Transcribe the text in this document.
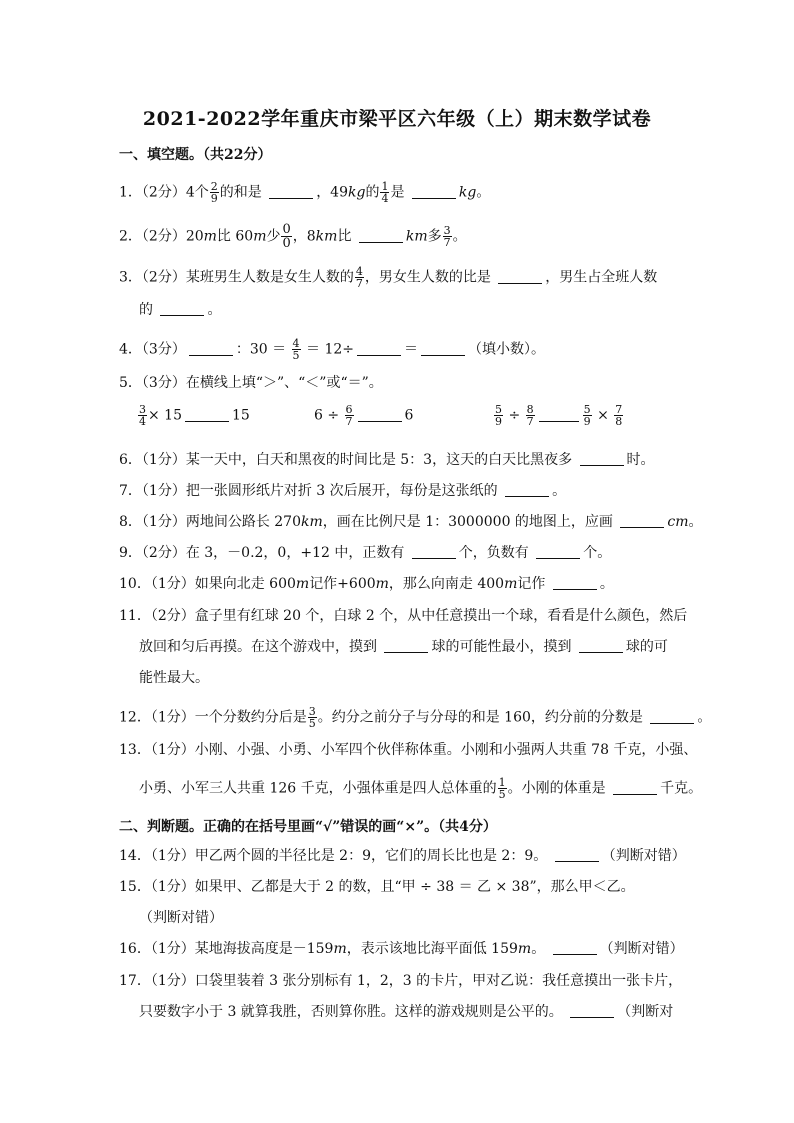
2021-2022学年重庆市梁平区六年级（上）期末数学试卷
一、填空题。（共22分）
1．（2分）4个 $\frac{2}{9}$ 的和是	，49kg的 $\frac{1}{4}$ 是	kg。
2．（2分）20m比 60m少 $\frac{0}{0}$ ，8km比	km多 $\frac{3}{7}$ 。
3．（2分）某班男生人数是女生人数的 $\frac{4}{7}$ ，男女生人数的比是	，男生占全班人数
的	。
4．（3分）	：$30 = \frac{4}{5} = 12\div$	＝	（填小数）。
5．（3分）在横线上填“＞”、“＜”或“＝”。
$\frac{3}{4} \times 15$	15	$6 \div \frac{6}{7}$	6	$\frac{5}{9} \div \frac{8}{7}$	$\frac{5}{9} \times \frac{7}{8}$
6．（1分）某一天中，白天和黑夜的时间比是 5：3，这天的白天比黑夜多	时。
7．（1分）把一张圆形纸片对折 3 次后展开，每份是这张纸的	。
8．（1分）两地间公路长 270km，画在比例尺是 1：3000000 的地图上，应画	cm。
9．（2分）在 3，－0.2，0，+12 中，正数有	个，负数有	个。
10．（1分）如果向北走 600m记作+600m，那么向南走 400m记作	。
11．（2分）盒子里有红球 20 个，白球 2 个，从中任意摸出一个球，看看是什么颜色，然后
放回和匀后再摸。在这个游戏中，摸到	球的可能性最小，摸到	球的可
能性最大。
12．（1分）一个分数约分后是 $\frac{3}{5}$ 。约分之前分子与分母的和是 160，约分前的分数是	。
13．（1分）小刚、小强、小勇、小军四个伙伴称体重。小刚和小强两人共重 78 千克，小强、
小勇、小军三人共重 126 千克，小强体重是四人总体重的 $\frac{1}{5}$ 。小刚的体重是	千克。
二、判断题。正确的在括号里画“√”错误的画“×”。（共4分）
14．（1分）甲乙两个圆的半径比是 2：9，它们的周长比也是 2：9。	（判断对错）
15．（1分）如果甲、乙都是大于 2 的数，且“甲 ÷ 38 ＝ 乙 × 38”，那么甲＜乙。
（判断对错）
16．（1分）某地海拔高度是－159m，表示该地比海平面低 159m。	（判断对错）
17．（1分）口袋里装着 3 张分别标有 1，2，3 的卡片，甲对乙说：我任意摸出一张卡片，
只要数字小于 3 就算我胜，否则算你胜。这样的游戏规则是公平的。	（判断对
